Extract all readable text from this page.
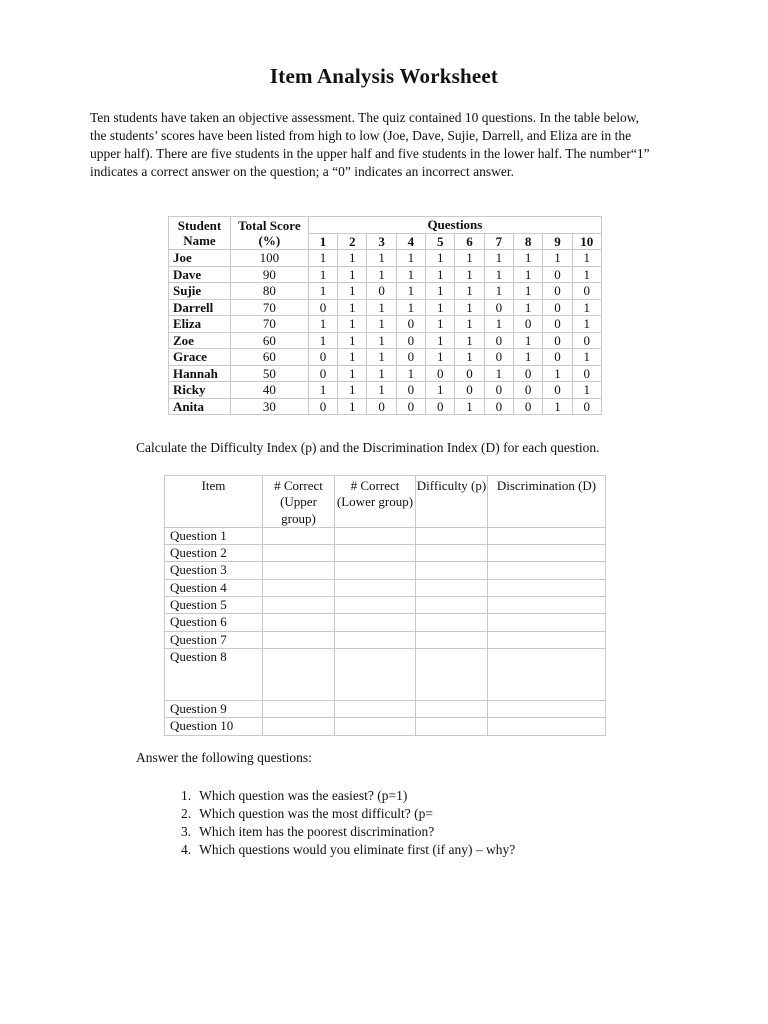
Item Analysis Worksheet

Ten students have taken an objective assessment. The quiz contained 10 questions. In the table below, the students’ scores have been listed from high to low (Joe, Dave, Sujie, Darrell, and Eliza are in the upper half). There are five students in the upper half and five students in the lower half. The number“1” indicates a correct answer on the question; a “0” indicates an incorrect answer.

Student Name	Total Score (%)	Questions									
		1	2	3	4	5	6	7	8	9	10
Joe	100	1	1	1	1	1	1	1	1	1	1
Dave	90	1	1	1	1	1	1	1	1	0	1
Sujie	80	1	1	0	1	1	1	1	1	0	0
Darrell	70	0	1	1	1	1	1	0	1	0	1
Eliza	70	1	1	1	0	1	1	1	0	0	1
Zoe	60	1	1	1	0	1	1	0	1	0	0
Grace	60	0	1	1	0	1	1	0	1	0	1
Hannah	50	0	1	1	1	0	0	1	0	1	0
Ricky	40	1	1	1	0	1	0	0	0	0	1
Anita	30	0	1	0	0	0	1	0	0	1	0

Calculate the Difficulty Index (p) and the Discrimination Index (D) for each question.

Item	# Correct (Upper group)	# Correct (Lower group)	Difficulty (p)	Discrimination (D)
Question 1				
Question 2				
Question 3				
Question 4				
Question 5				
Question 6				
Question 7				
Question 8				
Question 9				
Question 10				

Answer the following questions:

1. Which question was the easiest? (p=1)
2. Which question was the most difficult? (p=
3. Which item has the poorest discrimination?
4. Which questions would you eliminate first (if any) – why?
